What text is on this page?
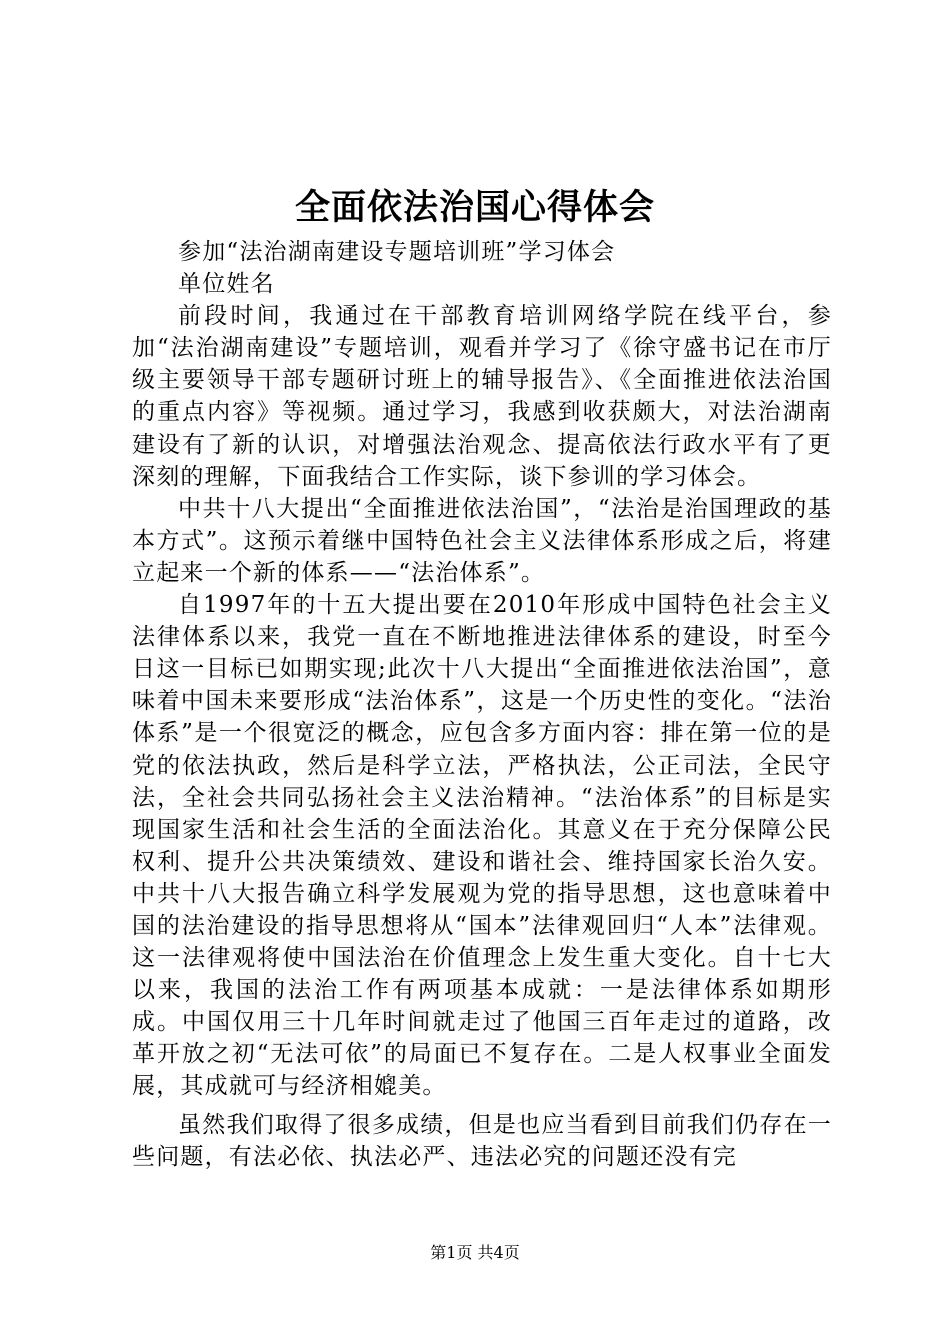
全面依法治国心得体会

参加“法治湖南建设专题培训班”学习体会

单位姓名

前段时间，我通过在干部教育培训网络学院在线平台，参加“法治湖南建设”专题培训，观看并学习了《徐守盛书记在市厅级主要领导干部专题研讨班上的辅导报告》、《全面推进依法治国的重点内容》等视频。通过学习，我感到收获颇大，对法治湖南建设有了新的认识，对增强法治观念、提高依法行政水平有了更深刻的理解，下面我结合工作实际，谈下参训的学习体会。

中共十八大提出“全面推进依法治国”，“法治是治国理政的基本方式”。这预示着继中国特色社会主义法律体系形成之后，将建立起来一个新的体系——“法治体系”。

自1997年的十五大提出要在2010年形成中国特色社会主义法律体系以来，我党一直在不断地推进法律体系的建设，时至今日这一目标已如期实现;此次十八大提出“全面推进依法治国”，意味着中国未来要形成“法治体系”，这是一个历史性的变化。“法治体系”是一个很宽泛的概念，应包含多方面内容：排在第一位的是党的依法执政，然后是科学立法，严格执法，公正司法，全民守法，全社会共同弘扬社会主义法治精神。“法治体系”的目标是实现国家生活和社会生活的全面法治化。其意义在于充分保障公民权利、提升公共决策绩效、建设和谐社会、维持国家长治久安。中共十八大报告确立科学发展观为党的指导思想，这也意味着中国的法治建设的指导思想将从“国本”法律观回归“人本”法律观。这一法律观将使中国法治在价值理念上发生重大变化。自十七大以来，我国的法治工作有两项基本成就：一是法律体系如期形成。中国仅用三十几年时间就走过了他国三百年走过的道路，改革开放之初“无法可依”的局面已不复存在。二是人权事业全面发展，其成就可与经济相媲美。

虽然我们取得了很多成绩，但是也应当看到目前我们仍存在一些问题，有法必依、执法必严、违法必究的问题还没有完

第1页 共4页
